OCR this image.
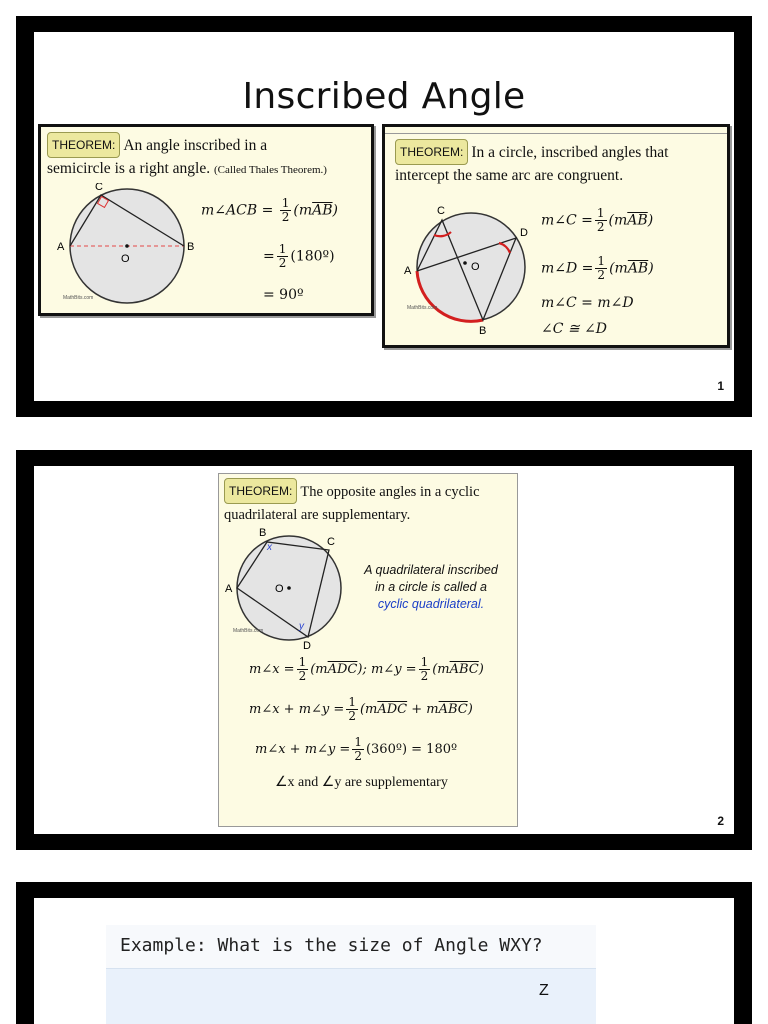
Inscribed Angle
THEOREM: An angle inscribed in a
semicircle is a right angle. (Called Thales Theorem.)
C
A	B
O
MathBits.com
m∠ACB = $\frac{1}{2} (m\overline{AB})$
= $\frac{1}{2}$ (180º)
= 90º
THEOREM: In a circle, inscribed angles that
intercept the same arc are congruent.
C
D
A	O
B
MathBits.com
m∠C = $\frac{1}{2} (m\overline{AB})$
m∠D = $\frac{1}{2} (m\overline{AB})$
m∠C = m∠D
∠C ≅ ∠D
1
THEOREM: The opposite angles in a cyclic
quadrilateral are supplementary.
B
x	C
A	O
y
D
MathBits.com
A quadrilateral inscribed
in a circle is called a
cyclic quadrilateral.
m∠x = $\frac{1}{2} (m\overline{ADC})$; m∠y = $\frac{1}{2} (m\overline{ABC})$
m∠x + m∠y = $\frac{1}{2} (m\overline{ADC} + m\overline{ABC})$
m∠x + m∠y = $\frac{1}{2}$ (360º) = 180º
∠x and ∠y are supplementary
2
Example: What is the size of Angle WXY?
Z
